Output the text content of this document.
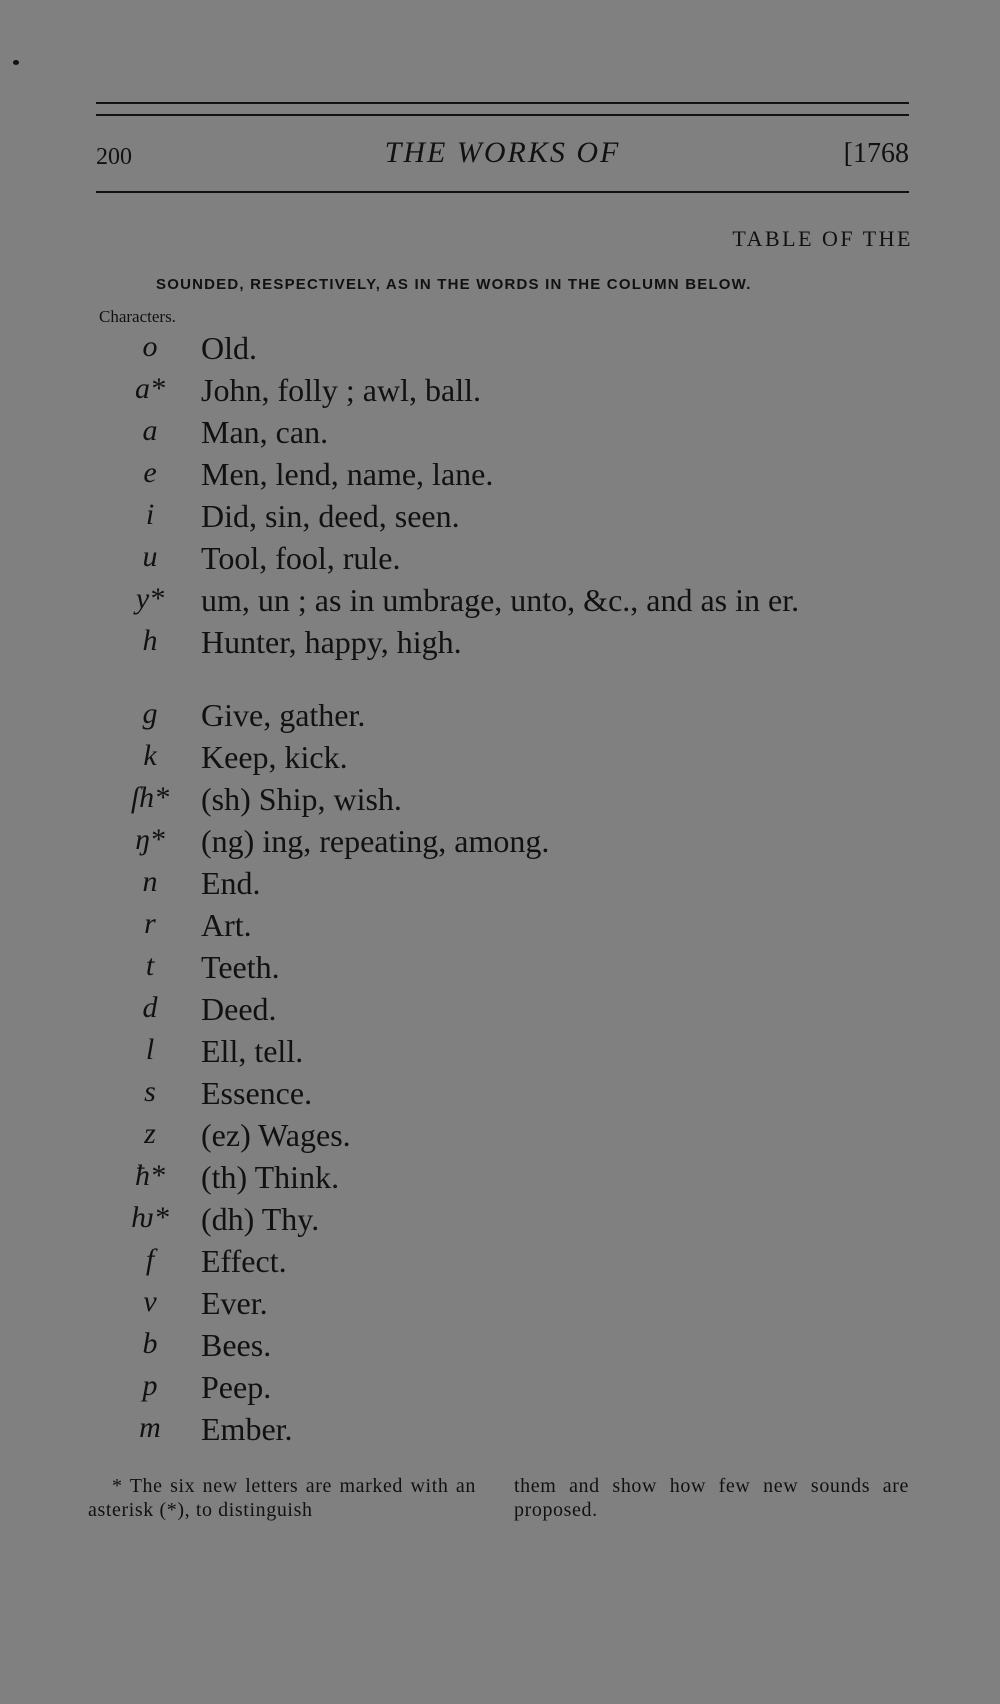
200	THE WORKS OF	[1768
TABLE OF THE
SOUNDED, RESPECTIVELY, AS IN THE WORDS IN THE COLUMN BELOW.
Characters.
o	Old.
a*	John, folly ; awl, ball.
a	Man, can.
e	Men, lend, name, lane.
i	Did, sin, deed, seen.
u	Tool, fool, rule.
y*	um, un ; as in umbrage, unto, &c., and as in er.
h	Hunter, happy, high.
g	Give, gather.
k	Keep, kick.
ſh* (sh) Ship, wish.
ŋ*	(ng) ing, repeating, among.
n	End.
r	Art.
t	Teeth.
d	Deed.
l	Ell, tell.
s	Essence.
z	(ez) Wages.
ħ*	(th) Think.
ƕ*	(dh) Thy.
f	Effect.
v	Ever.
b	Bees.
p	Peep.
m	Ember.
* The six new letters are marked with an asterisk (*), to distinguish
them and show how few new sounds are proposed.
